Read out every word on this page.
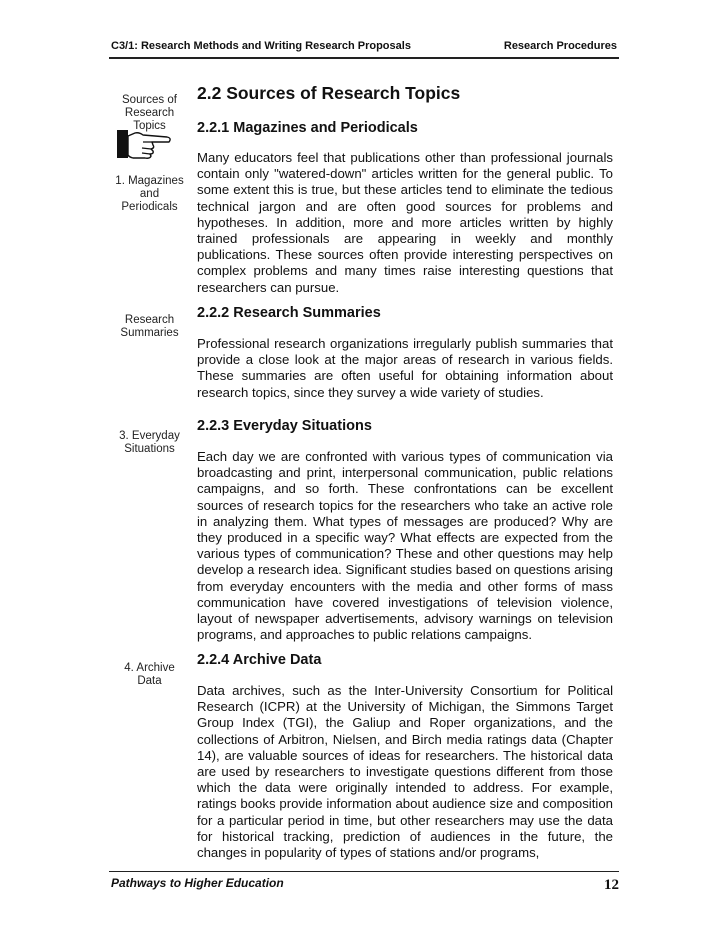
C3/1: Research Methods and Writing Research Proposals	Research Procedures
Sources of Research Topics
1. Magazines and Periodicals
Research Summaries
3. Everyday Situations
4. Archive Data
2.2 Sources of Research Topics
2.2.1 Magazines and Periodicals

Many educators feel that publications other than professional journals contain only "watered-down" articles written for the general public. To some extent this is true, but these articles tend to eliminate the tedious technical jargon and are often good sources for problems and hypotheses. In addition, more and more articles written by highly trained professionals are appearing in weekly and monthly publications. These sources often provide interesting perspectives on complex problems and many times raise interesting questions that researchers can pursue.

2.2.2 Research Summaries

Professional research organizations irregularly publish summaries that provide a close look at the major areas of research in various fields. These summaries are often useful for obtaining information about research topics, since they survey a wide variety of studies.

2.2.3 Everyday Situations

Each day we are confronted with various types of communication via broadcasting and print, interpersonal communication, public relations campaigns, and so forth. These confrontations can be excellent sources of research topics for the researchers who take an active role in analyzing them. What types of messages are produced? Why are they produced in a specific way? What effects are expected from the various types of communication? These and other questions may help develop a research idea. Significant studies based on questions arising from everyday encounters with the media and other forms of mass communication have covered investigations of television violence, layout of newspaper advertisements, advisory warnings on television programs, and approaches to public relations campaigns.

2.2.4 Archive Data

Data archives, such as the Inter-University Consortium for Political Research (ICPR) at the University of Michigan, the Simmons Target Group Index (TGI), the Galiup and Roper organizations, and the collections of Arbitron, Nielsen, and Birch media ratings data (Chapter 14), are valuable sources of ideas for researchers. The historical data are used by researchers to investigate questions different from those which the data were originally intended to address. For example, ratings books provide information about audience size and composition for a particular period in time, but other researchers may use the data for historical tracking, prediction of audiences in the future, the changes in popularity of types of stations and/or programs,

Pathways to Higher Education	12
